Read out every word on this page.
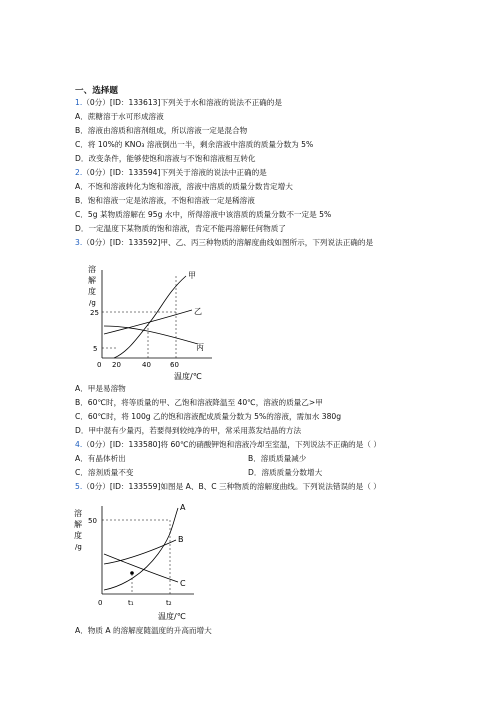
一、选择题
1.（0分）[ID：133613]下列关于水和溶液的说法不正确的是
A．蔗糖溶于水可形成溶液
B．溶液由溶质和溶剂组成，所以溶液一定是混合物
C．将 10%的 KNO₃ 溶液倒出一半，剩余溶液中溶质的质量分数为 5%
D．改变条件，能够使饱和溶液与不饱和溶液相互转化
2.（0分）[ID：133594]下列关于溶液的说法中正确的是
A．不饱和溶液转化为饱和溶液，溶液中溶质的质量分数肯定增大
B．饱和溶液一定是浓溶液，不饱和溶液一定是稀溶液
C．5g 某物质溶解在 95g 水中，所得溶液中该溶质的质量分数不一定是 5%
D．一定温度下某物质的饱和溶液，肯定不能再溶解任何物质了
3.（0分）[ID：133592]甲、乙、丙三种物质的溶解度曲线如图所示，下列说法正确的是
溶
解
度
/g
25
5
0 20	40	60
甲
乙
丙
温度/℃
A．甲是易溶物
B．60℃时，将等质量的甲、乙饱和溶液降温至 40℃，溶液的质量乙>甲
C．60℃时，将 100g 乙的饱和溶液配成质量分数为 5%的溶液，需加水 380g
D．甲中混有少量丙，若要得到较纯净的甲，常采用蒸发结晶的方法
4.（0分）[ID：133580]将 60℃的硝酸钾饱和溶液冷却至室温，下列说法不正确的是（ ）
A．有晶体析出	B．溶质质量减少
C．溶剂质量不变	D．溶质质量分数增大
5.（0分）[ID：133559]如图是 A、B、C 三种物质的溶解度曲线。下列说法错误的是（ ）
溶
解
度
/g
50
0	t₁	t₂
A
B
C
温度/℃
A．物质 A 的溶解度随温度的升高而增大
